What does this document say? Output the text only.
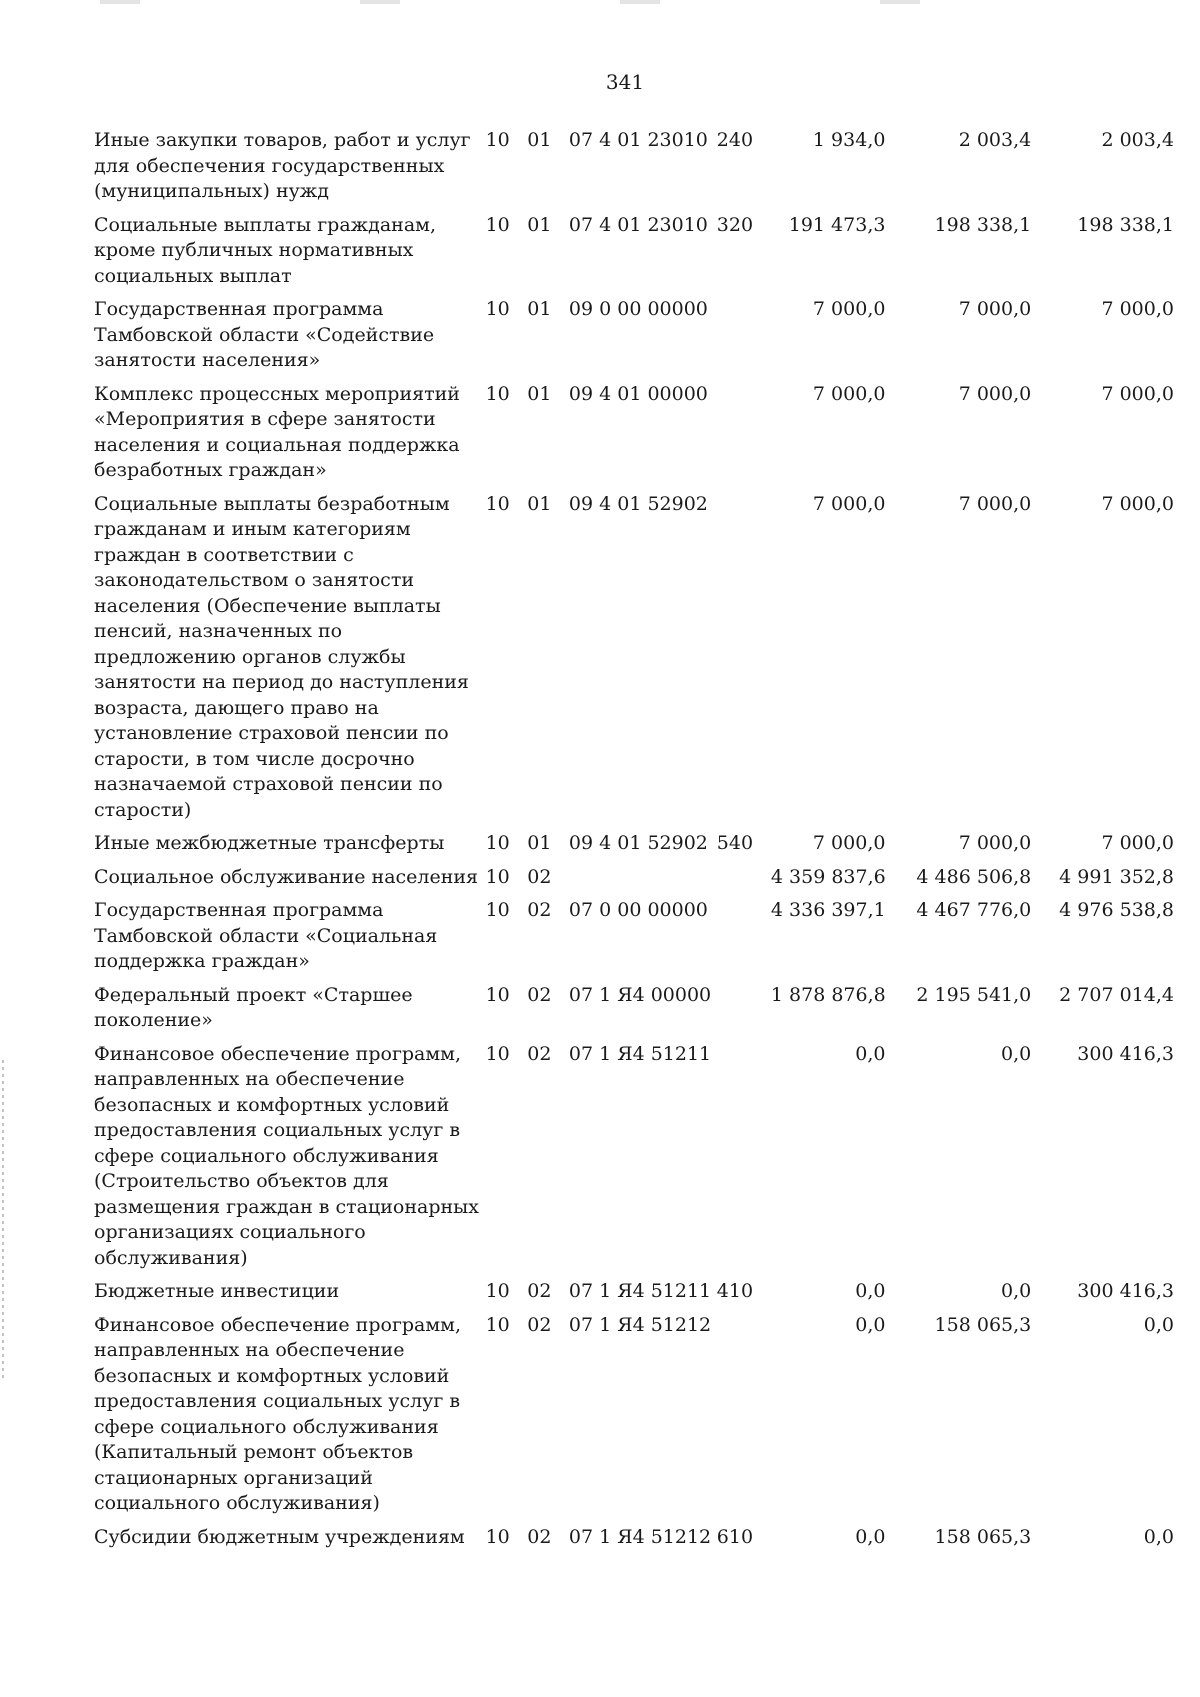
341
Иные закупки товаров, работ и услуг для обеспечения государственных (муниципальных) нужд	10	01	07 4 01 23010	240	1 934,0	2 003,4	2 003,4
Социальные выплаты гражданам, кроме публичных нормативных социальных выплат	10	01	07 4 01 23010	320	191 473,3	198 338,1	198 338,1
Государственная программа Тамбовской области «Содействие занятости населения»	10	01	09 0 00 00000		7 000,0	7 000,0	7 000,0
Комплекс процессных мероприятий «Мероприятия в сфере занятости населения и социальная поддержка безработных граждан»	10	01	09 4 01 00000		7 000,0	7 000,0	7 000,0
Социальные выплаты безработным гражданам и иным категориям граждан в соответствии с законодательством о занятости населения (Обеспечение выплаты пенсий, назначенных по предложению органов службы занятости на период до наступления возраста, дающего право на установление страховой пенсии по старости, в том числе досрочно назначаемой страховой пенсии по старости)	10	01	09 4 01 52902		7 000,0	7 000,0	7 000,0
Иные межбюджетные трансферты	10	01	09 4 01 52902	540	7 000,0	7 000,0	7 000,0
Социальное обслуживание населения	10	02			4 359 837,6	4 486 506,8	4 991 352,8
Государственная программа Тамбовской области «Социальная поддержка граждан»	10	02	07 0 00 00000		4 336 397,1	4 467 776,0	4 976 538,8
Федеральный проект «Старшее поколение»	10	02	07 1 Я4 00000		1 878 876,8	2 195 541,0	2 707 014,4
Финансовое обеспечение программ, направленных на обеспечение безопасных и комфортных условий предоставления социальных услуг в сфере социального обслуживания (Строительство объектов для размещения граждан в стационарных организациях социального обслуживания)	10	02	07 1 Я4 51211		0,0	0,0	300 416,3
Бюджетные инвестиции	10	02	07 1 Я4 51211	410	0,0	0,0	300 416,3
Финансовое обеспечение программ, направленных на обеспечение безопасных и комфортных условий предоставления социальных услуг в сфере социального обслуживания (Капитальный ремонт объектов стационарных организаций социального обслуживания)	10	02	07 1 Я4 51212		0,0	158 065,3	0,0
Субсидии бюджетным учреждениям	10	02	07 1 Я4 51212	610	0,0	158 065,3	0,0
